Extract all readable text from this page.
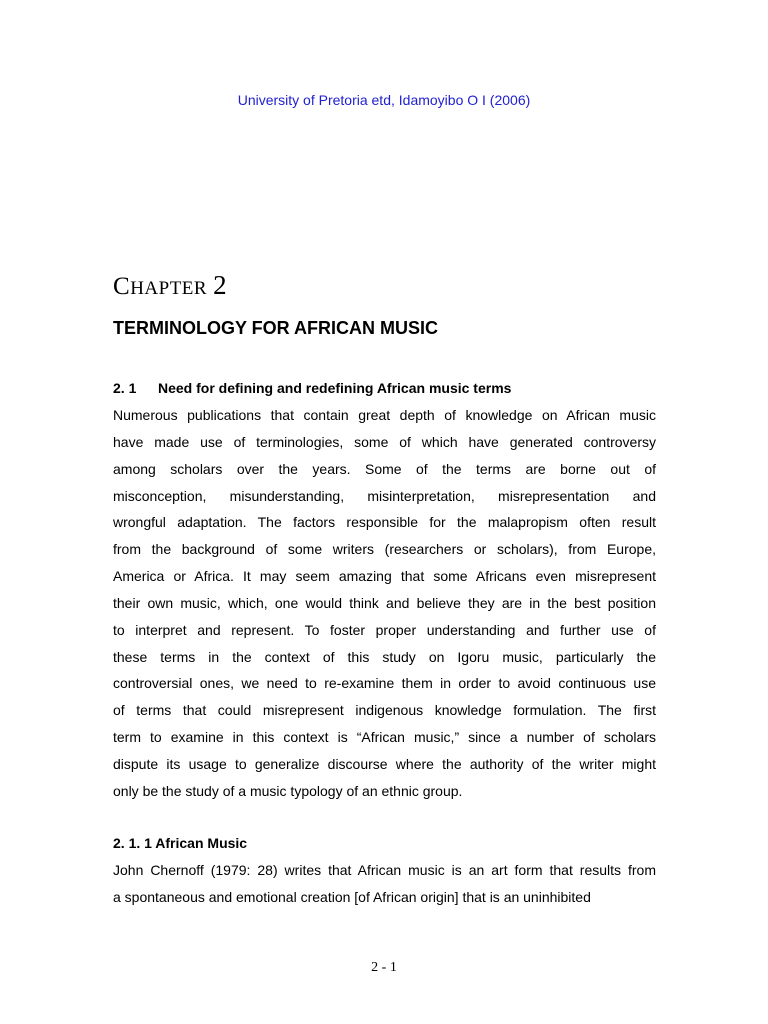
University of Pretoria etd, Idamoyibo O I (2006)
CHAPTER 2
TERMINOLOGY FOR AFRICAN MUSIC
2. 1 Need for defining and redefining African music terms
Numerous publications that contain great depth of knowledge on African music
have made use of terminologies, some of which have generated controversy
among scholars over the years. Some of the terms are borne out of
misconception, misunderstanding, misinterpretation, misrepresentation and
wrongful adaptation. The factors responsible for the malapropism often result
from the background of some writers (researchers or scholars), from Europe,
America or Africa. It may seem amazing that some Africans even misrepresent
their own music, which, one would think and believe they are in the best position
to interpret and represent. To foster proper understanding and further use of
these terms in the context of this study on Igoru music, particularly the
controversial ones, we need to re-examine them in order to avoid continuous use
of terms that could misrepresent indigenous knowledge formulation. The first
term to examine in this context is “African music,” since a number of scholars
dispute its usage to generalize discourse where the authority of the writer might
only be the study of a music typology of an ethnic group.
2. 1. 1 African Music
John Chernoff (1979: 28) writes that African music is an art form that results from
a spontaneous and emotional creation [of African origin] that is an uninhibited
2 - 1
